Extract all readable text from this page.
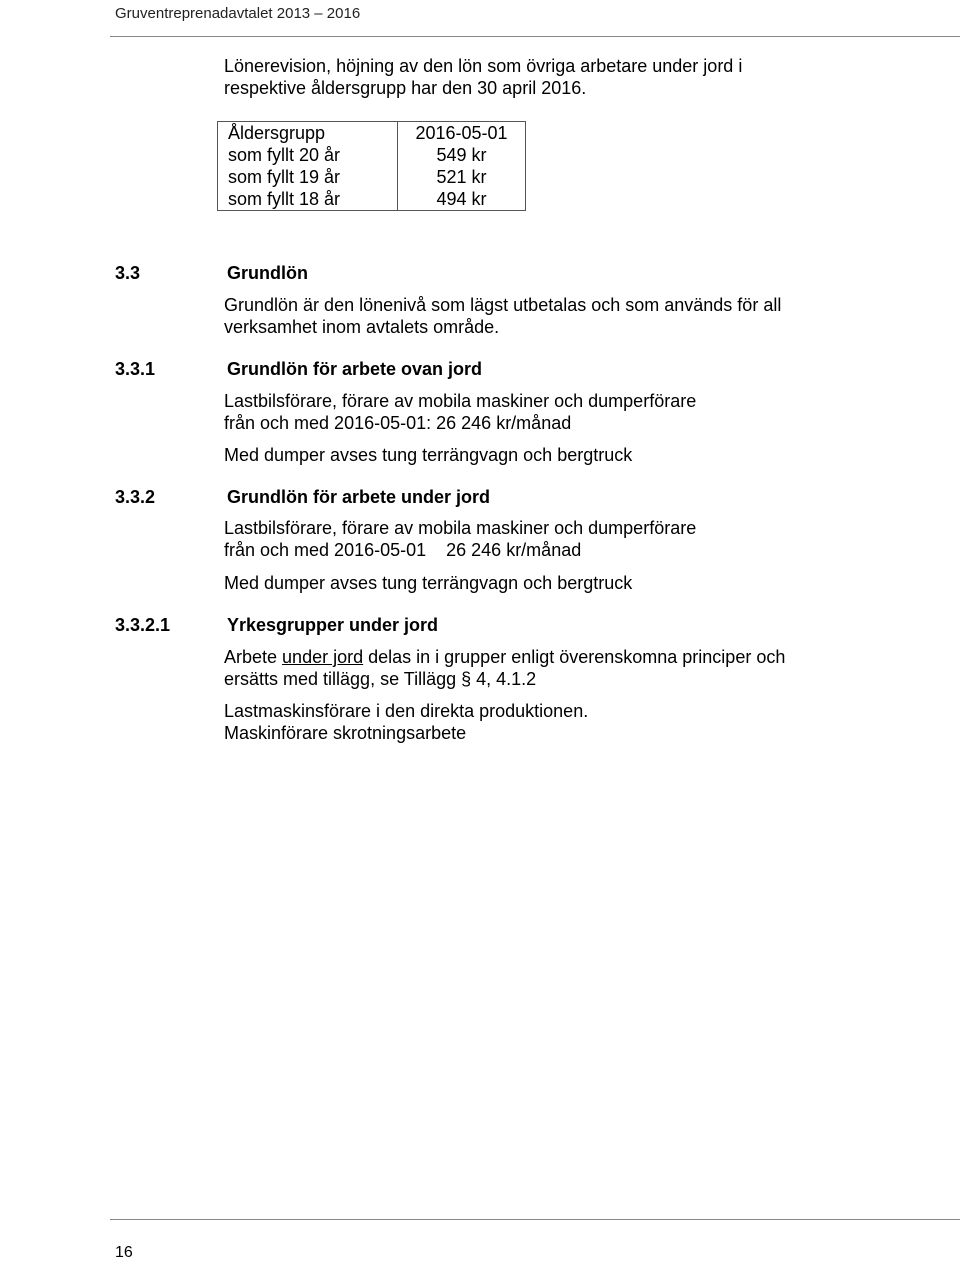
Gruventreprenadavtalet 2013 – 2016

Lönerevision, höjning av den lön som övriga arbetare under jord i

respektive åldersgrupp har den 30 april 2016.

Åldersgrupp	2016-05-01
som fyllt 20 år	549 kr
som fyllt 19 år	521 kr
som fyllt 18 år	494 kr
3.3	Grundlön

Grundlön är den lönenivå som lägst utbetalas och som används för all

verksamhet inom avtalets område.

3.3.1	Grundlön för arbete ovan jord

Lastbilsförare, förare av mobila maskiner och dumperförare

från och med 2016-05-01: 26 246 kr/månad

Med dumper avses tung terrängvagn och bergtruck

3.3.2	Grundlön för arbete under jord

Lastbilsförare, förare av mobila maskiner och dumperförare

från och med 2016-05-01    26 246 kr/månad

Med dumper avses tung terrängvagn och bergtruck

3.3.2.1	Yrkesgrupper under jord

Arbete under jord delas in i grupper enligt överenskomna principer och

ersätts med tillägg, se Tillägg § 4, 4.1.2

Lastmaskinsförare i den direkta produktionen.

Maskinförare skrotningsarbete

16
